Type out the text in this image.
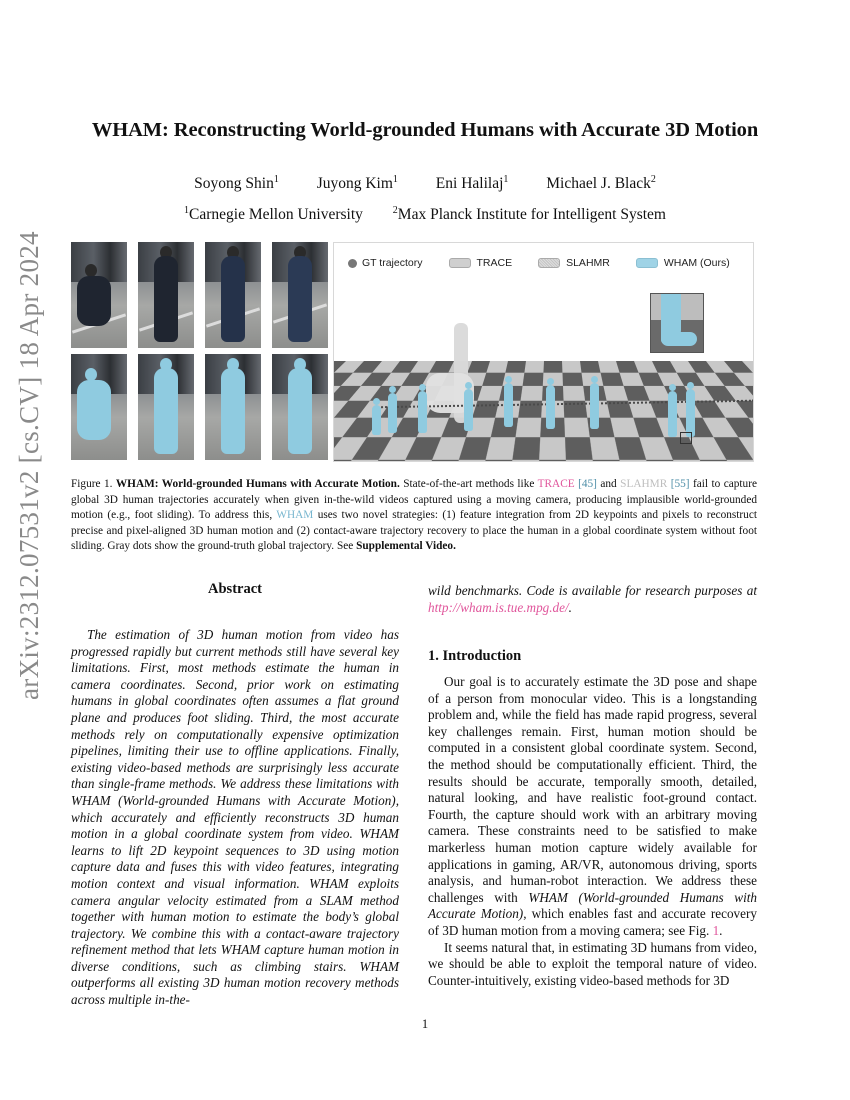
arXiv:2312.07531v2 [cs.CV] 18 Apr 2024
WHAM: Reconstructing World-grounded Humans with Accurate 3D Motion
Soyong Shin$^1$ Juyong Kim$^1$ Eni Halilaj$^1$ Michael J. Black$^2$
$^1$Carnegie Mellon University	$^2$Max Planck Institute for Intelligent System
GT trajectory	TRACE	SLAHMR	WHAM (Ours)
Figure 1. WHAM: World-grounded Humans with Accurate Motion. State-of-the-art methods like TRACE [45] and SLAHMR [55] fail to capture global 3D human trajectories accurately when given in-the-wild videos captured using a moving camera, producing implausible world-grounded motion (e.g., foot sliding). To address this, WHAM uses two novel strategies: (1) feature integration from 2D keypoints and pixels to reconstruct precise and pixel-aligned 3D human motion and (2) contact-aware trajectory recovery to place the human in a global coordinate system without foot sliding. Gray dots show the ground-truth global trajectory. See Supplemental Video.
Abstract

The estimation of 3D human motion from video has progressed rapidly but current methods still have several key limitations. First, most methods estimate the human in camera coordinates. Second, prior work on estimating humans in global coordinates often assumes a flat ground plane and produces foot sliding. Third, the most accurate methods rely on computationally expensive optimization pipelines, limiting their use to offline applications. Finally, existing video-based methods are surprisingly less accurate than single-frame methods. We address these limitations with WHAM (World-grounded Humans with Accurate Motion), which accurately and efficiently reconstructs 3D human motion in a global coordinate system from video. WHAM learns to lift 2D keypoint sequences to 3D using motion capture data and fuses this with video features, integrating motion context and visual information. WHAM exploits camera angular velocity estimated from a SLAM method together with human motion to estimate the body’s global trajectory. We combine this with a contact-aware trajectory refinement method that lets WHAM capture human motion in diverse conditions, such as climbing stairs. WHAM outperforms all existing 3D human motion recovery methods across multiple in-the-

wild benchmarks. Code is available for research purposes at http://wham.is.tue.mpg.de/.
1. Introduction

Our goal is to accurately estimate the 3D pose and shape of a person from monocular video. This is a longstanding problem and, while the field has made rapid progress, several key challenges remain. First, human motion should be computed in a consistent global coordinate system. Second, the method should be computationally efficient. Third, the results should be accurate, temporally smooth, detailed, natural looking, and have realistic foot-ground contact. Fourth, the capture should work with an arbitrary moving camera. These constraints need to be satisfied to make markerless human motion capture widely available for applications in gaming, AR/VR, autonomous driving, sports analysis, and human-robot interaction. We address these challenges with WHAM (World-grounded Humans with Accurate Motion), which enables fast and accurate recovery of 3D human motion from a moving camera; see Fig. 1.

It seems natural that, in estimating 3D humans from video, we should be able to exploit the temporal nature of video. Counter-intuitively, existing video-based methods for 3D

1
